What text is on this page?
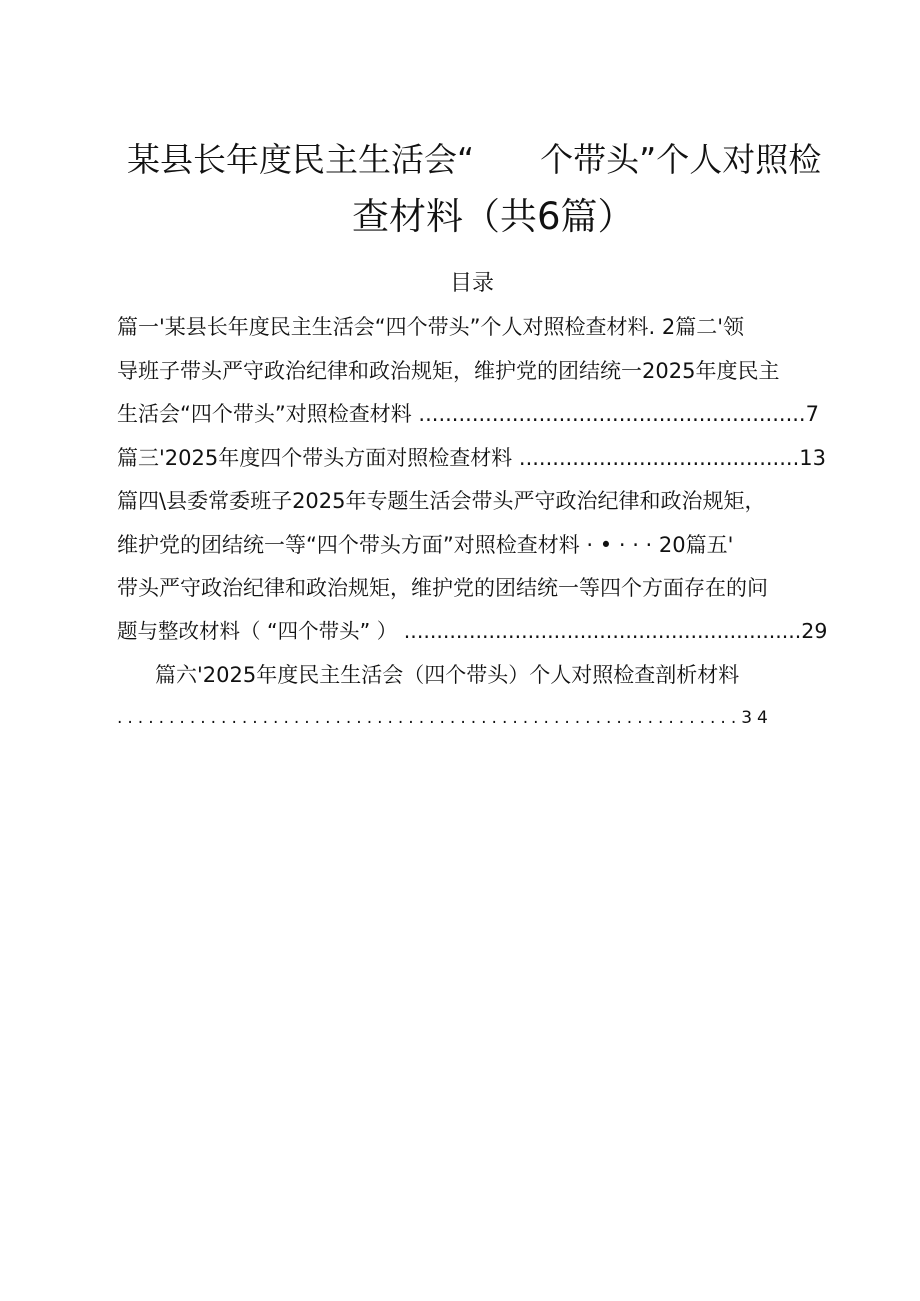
某县长年度民主生活会“　　个带头”个人对照检
查材料（共6篇）
目录
篇一'某县长年度民主生活会“四个带头”个人对照检查材料. 2篇二'领
导班子带头严守政治纪律和政治规矩，维护党的团结统一2025年度民主
生活会“四个带头”对照检查材料 ..........................................................7
篇三'2025年度四个带头方面对照检查材料 ..........................................13
篇四\县委常委班子2025年专题生活会带头严守政治纪律和政治规矩，
维护党的团结统一等“四个带头方面”对照检查材料 · • · · · 20篇五'
带头严守政治纪律和政治规矩，维护党的团结统一等四个方面存在的问
题与整改材料（ “四个带头” ） .............................................................29
篇六'2025年度民主生活会（四个带头）个人对照检查剖析材料
............................................................34
